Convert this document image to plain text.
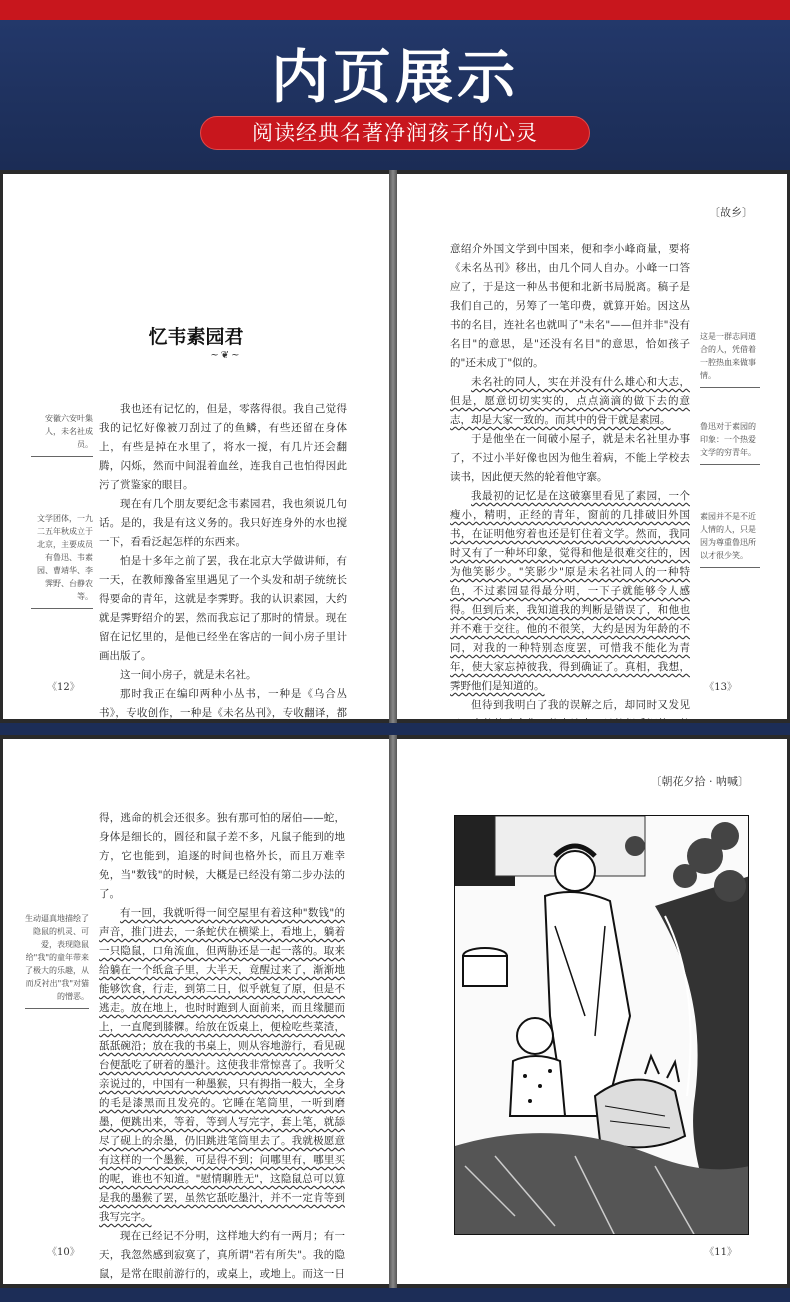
内页展示
阅读经典名著净润孩子的心灵
忆韦素园君
~❦~
安徽六安叶集人，未名社成员。
文学团体，一九二五年秋成立于北京，主要成员有鲁迅、韦素园、曹靖华、李霁野、台静农等。

我也还有记忆的，但是，零落得很。我自己觉得我的记忆好像被刀刮过了的鱼鳞，有些还留在身体上，有些是掉在水里了，将水一搅，有几片还会翻腾，闪烁，然而中间混着血丝，连我自己也怕得因此污了赏鉴家的眼目。

现在有几个朋友要纪念韦素园君，我也须说几句话。是的，我是有这义务的。我只好连身外的水也搅一下，看看泛起怎样的东西来。

怕是十多年之前了罢，我在北京大学做讲师，有一天，在教师豫备室里遇见了一个头发和胡子统统长得要命的青年，这就是李霁野。我的认识素园，大约就是霁野绍介的罢，然而我忘记了那时的情景。现在留在记忆里的，是他已经坐在客店的一间小房子里计画出版了。

这一间小房子，就是未名社。

那时我正在编印两种小丛书，一种是《乌合丛书》，专收创作，一种是《未名丛刊》，专收翻译，都

《12》
〔故乡〕

意绍介外国文学到中国来，便和李小峰商量，要将《未名丛刊》移出，由几个同人自办。小峰一口答应了，于是这一种丛书便和北新书局脱离。稿子是我们自己的，另筹了一笔印费，就算开始。因这丛书的名目，连社名也就叫了"未名"——但并非"没有名目"的意思，是"还没有名目"的意思，恰如孩子的"还未成丁"似的。

未名社的同人，实在并没有什么雄心和大志，但是，愿意切切实实的，点点滴滴的做下去的意志，却是大家一致的。而其中的骨干就是素园。

于是他坐在一间破小屋子，就是未名社里办事了，不过小半好像也因为他生着病，不能上学校去读书，因此便天然的轮着他守寨。

我最初的记忆是在这破寨里看见了素园，一个瘦小，精明，正经的青年，窗前的几排破旧外国书，在证明他穷着也还是钉住着文学。然而，我同时又有了一种坏印象，觉得和他是很难交往的，因为他笑影少。"笑影少"原是未名社同人的一种特色，不过素园显得最分明，一下子就能够令人感得。但到后来，我知道我的判断是错误了，和他也并不难于交往。他的不很笑，大约是因为年龄的不同，对我的一种特别态度罢，可惜我不能化为青年，使大家忘掉彼我，得到确证了。真相，我想，霁野他们是知道的。

但待到我明白了我的误解之后，却同时又发见

这是一群志同道合的人，凭借着一腔热血来做事情。
鲁迅对于素园的印象：一个热爱文学的穷青年。
素园并不是不近人情的人，只是因为尊重鲁迅所以才很少笑。
《13》
生动逼真地描绘了隐鼠的机灵、可爱，表现隐鼠给"我"的童年带来了极大的乐趣，从而反衬出"我"对猫的憎恶。

得，逃命的机会还很多。独有那可怕的屠伯——蛇，身体是细长的，圆径和鼠子差不多，凡鼠子能到的地方，它也能到，追逐的时间也格外长，而且万难幸免，当"数钱"的时候，大概是已经没有第二步办法的了。

有一回，我就听得一间空屋里有着这种"数钱"的声音，推门进去，一条蛇伏在横梁上，看地上，躺着一只隐鼠，口角流血，但两胁还是一起一落的。取来给躺在一个纸盒子里，大半天，竟醒过来了，渐渐地能够饮食，行走，到第二日，似乎就复了原，但是不逃走。放在地上，也时时跑到人面前来，而且缘腿而上，一直爬到膝髁。给放在饭桌上，便检吃些菜渣，舐舐碗沿；放在我的书桌上，则从容地游行，看见砚台便舐吃了研着的墨汁。这使我非常惊喜了。我听父亲说过的，中国有一种墨猴，只有拇指一般大，全身的毛是漆黑而且发亮的。它睡在笔筒里，一听到磨墨，便跳出来，等着，等到人写完字，套上笔，就舔尽了砚上的余墨，仍旧跳进笔筒里去了。我就极愿意有这样的一个墨猴，可是得不到；问哪里有，哪里买的呢，谁也不知道。"慰情聊胜无"，这隐鼠总可以算是我的墨猴了罢，虽然它舐吃墨汁，并不一定肯等到我写完字。

现在已经记不分明，这样地大约有一两月；有一天，我忽然感到寂寞了，真所谓"若有所失"。我的隐鼠，是常在眼前游行的，或桌上，或地上。而这一日

《10》
〔朝花夕拾 · 呐喊〕
《11》
